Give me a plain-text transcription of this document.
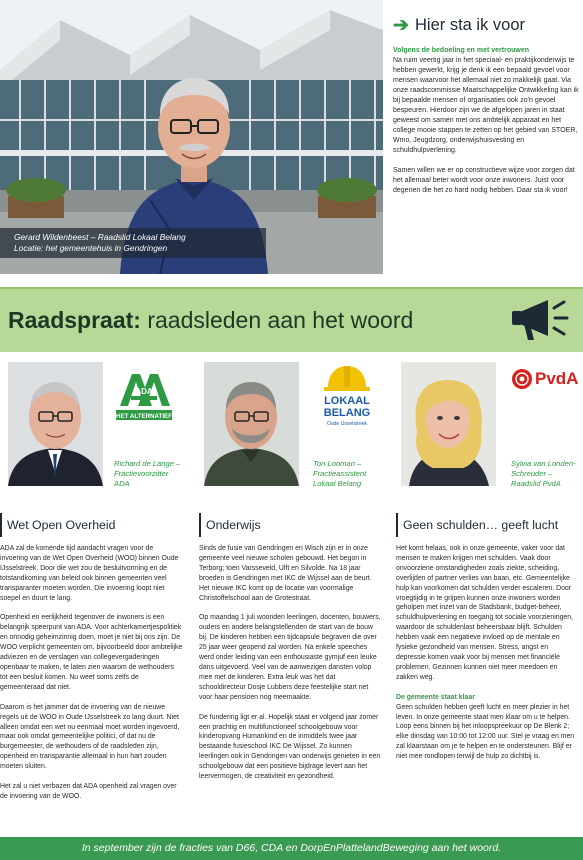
Gerard Wildenbeest – Raadslid Lokaal Belang
Locatie: het gemeentehuis in Gendringen
➔ Hier sta ik voor
Volgens de bedoeling en met vertrouwen

Na ruim veertig jaar in het speciaal- en praktijkonderwijs te hebben gewerkt, krijg je denk ik een bepaald gevoel voor mensen waarvoor het allemaal niet zo makkelijk gaat. Via onze raadscommissie Maatschappelijke Ontwikkeling kan ik bij bepaalde mensen of organisaties ook zo'n gevoel bespeuren. Hierdoor zijn we de afgelopen jaren in staat geweest om samen met ons ambtelijk apparaat en het college mooie stappen te zetten op het gebied van STOER, Wmo, Jeugdzorg, onderwijshuisvesting en schuldhulpverlening.

Samen willen we er op constructieve wijze voor zorgen dat het allemaal beter wordt voor onze inwoners. Juist voor degenen die het zo hard nodig hebben. Daar sta ik voor!

Raadspraat: raadsleden aan het woord
ADA
HET ALTERNATIEF
Richard de Lange –
Fractievoorzitter
ADA
LOKAAL
BELANG
Oude IJsselstreek
Ton Looman –
Fractieassistent
Lokaal Belang
PvdA
Sylvia van Londen-
Schreuder –
Raadslid PvdA
Wet Open Overheid

ADA zal de komende tijd aandacht vragen voor de invoering van de Wet Open Overheid (WOO) binnen Oude IJsselstreek. Door die wet zou de besluitvorming en de totstandkoming van beleid ook binnen gemeenten veel transparanter moeten worden. Die invoering loopt niet soepel en duurt te lang.

Openheid en eerlijkheid tegenover de inwoners is een belangrijk speerpunt van ADA. Voor achterkamertjespolitiek en onnodig geheimzinnig doen, moet je niet bij ons zijn. De WOO verplicht gemeenten om, bijvoorbeeld door ambtelijke adviezen en de verslagen van collegevergaderingen openbaar te maken, te laten zien waarom de wethouders tot een besluit komen. Nu weet soms zelfs de gemeenteraad dat niet.

Daarom is het jammer dat de invoering van de nieuwe regels uit de WOO in Oude IJsselstreek zo lang duurt. Niet alleen omdat een wet nu eenmaal moet worden ingevoerd, maar ook omdat gemeentelijke politici, of dat nu de burgemeester, de wethouders of de raadsleden zijn, openheid en transparantie allemaal in hun hart zouden moeten sluiten.

Het zal u niet verbazen dat ADA openheid zal vragen over de invoering van de WOO.

Onderwijs

Sinds de fusie van Gendringen en Wisch zijn er in onze gemeente veel nieuwe scholen gebouwd. Het begon in Terborg; toen Varsseveld, Ulft en Silvolde. Na 18 jaar broeden is Gendringen met IKC de Wijssel aan de beurt. Het nieuwe IKC komt op de locatie van voormalige Christoffelschool aan de Grotestraat.

Op maandag 1 juli woonden leerlingen, docenten, bouwers, ouders en andere belangstellenden de start van de bouw bij. De kinderen hebben een tijdcapsule begraven die over 25 jaar weer geopend zal worden. Na enkele speeches werd onder leiding van een enthousiaste gymjuf een leuke dans uitgevoerd. Veel van de aanwezigen dansten volop mee met de kinderen. Extra leuk was het dat schooldirecteur Dosje Lubbers deze feestelijke start net voor haar pensioen nog meemaakte.

De fundering ligt er al. Hopelijk staat er volgend jaar zomer een prachtig en multifunctioneel schoolgebouw voor kinderopvang Humankind en de inmiddels twee jaar bestaande fusieschool IKC De Wijssel. Zo kunnen leerlingen ook in Gendringen van onderwijs genieten in een schoolgebouw dat een positieve bijdrage levert aan het leervermogen, de creativiteit en gezondheid.

Geen schulden… geeft lucht

Het komt helaas, ook in onze gemeente, vaker voor dat mensen te maken krijgen met schulden. Vaak door onvoorziene omstandigheden zoals ziekte, scheiding, overlijden of partner verlies van baan, etc. Gemeentelijke hulp kan voorkomen dat schulden verder escaleren. Door vroegtijdig in te grijpen kunnen onze inwoners worden geholpen met inzet van de Stadsbank, budget-beheer, schuldhulpverlening en toegang tot sociale voorzieningen, waardoor de schuldenlast beheersbaar blijft. Schulden hebben vaak een negatieve invloed op de mentale en fysieke gezondheid van mensen. Stress, angst en depressie komen vaak voor bij mensen met financiële problemen. Gezinnen kunnen niet meer meedoen en zakken weg.

De gemeente staat klaar

Geen schulden hebben geeft lucht en meer plezier in het leven. In onze gemeente staat men klaar om u te helpen. Loop eens binnen bij het inloopspreekuur op De Blenk 2; elke dinsdag van 10:00 tot 12:00 uur. Stel je vraag en men zal klaarstaan om je te helpen en te ondersteunen. Blijf er niet mee rondlopen terwijl de hulp zo dichtbij is.

In september zijn de fracties van D66, CDA en DorpEnPlattelandBeweging aan het woord.
